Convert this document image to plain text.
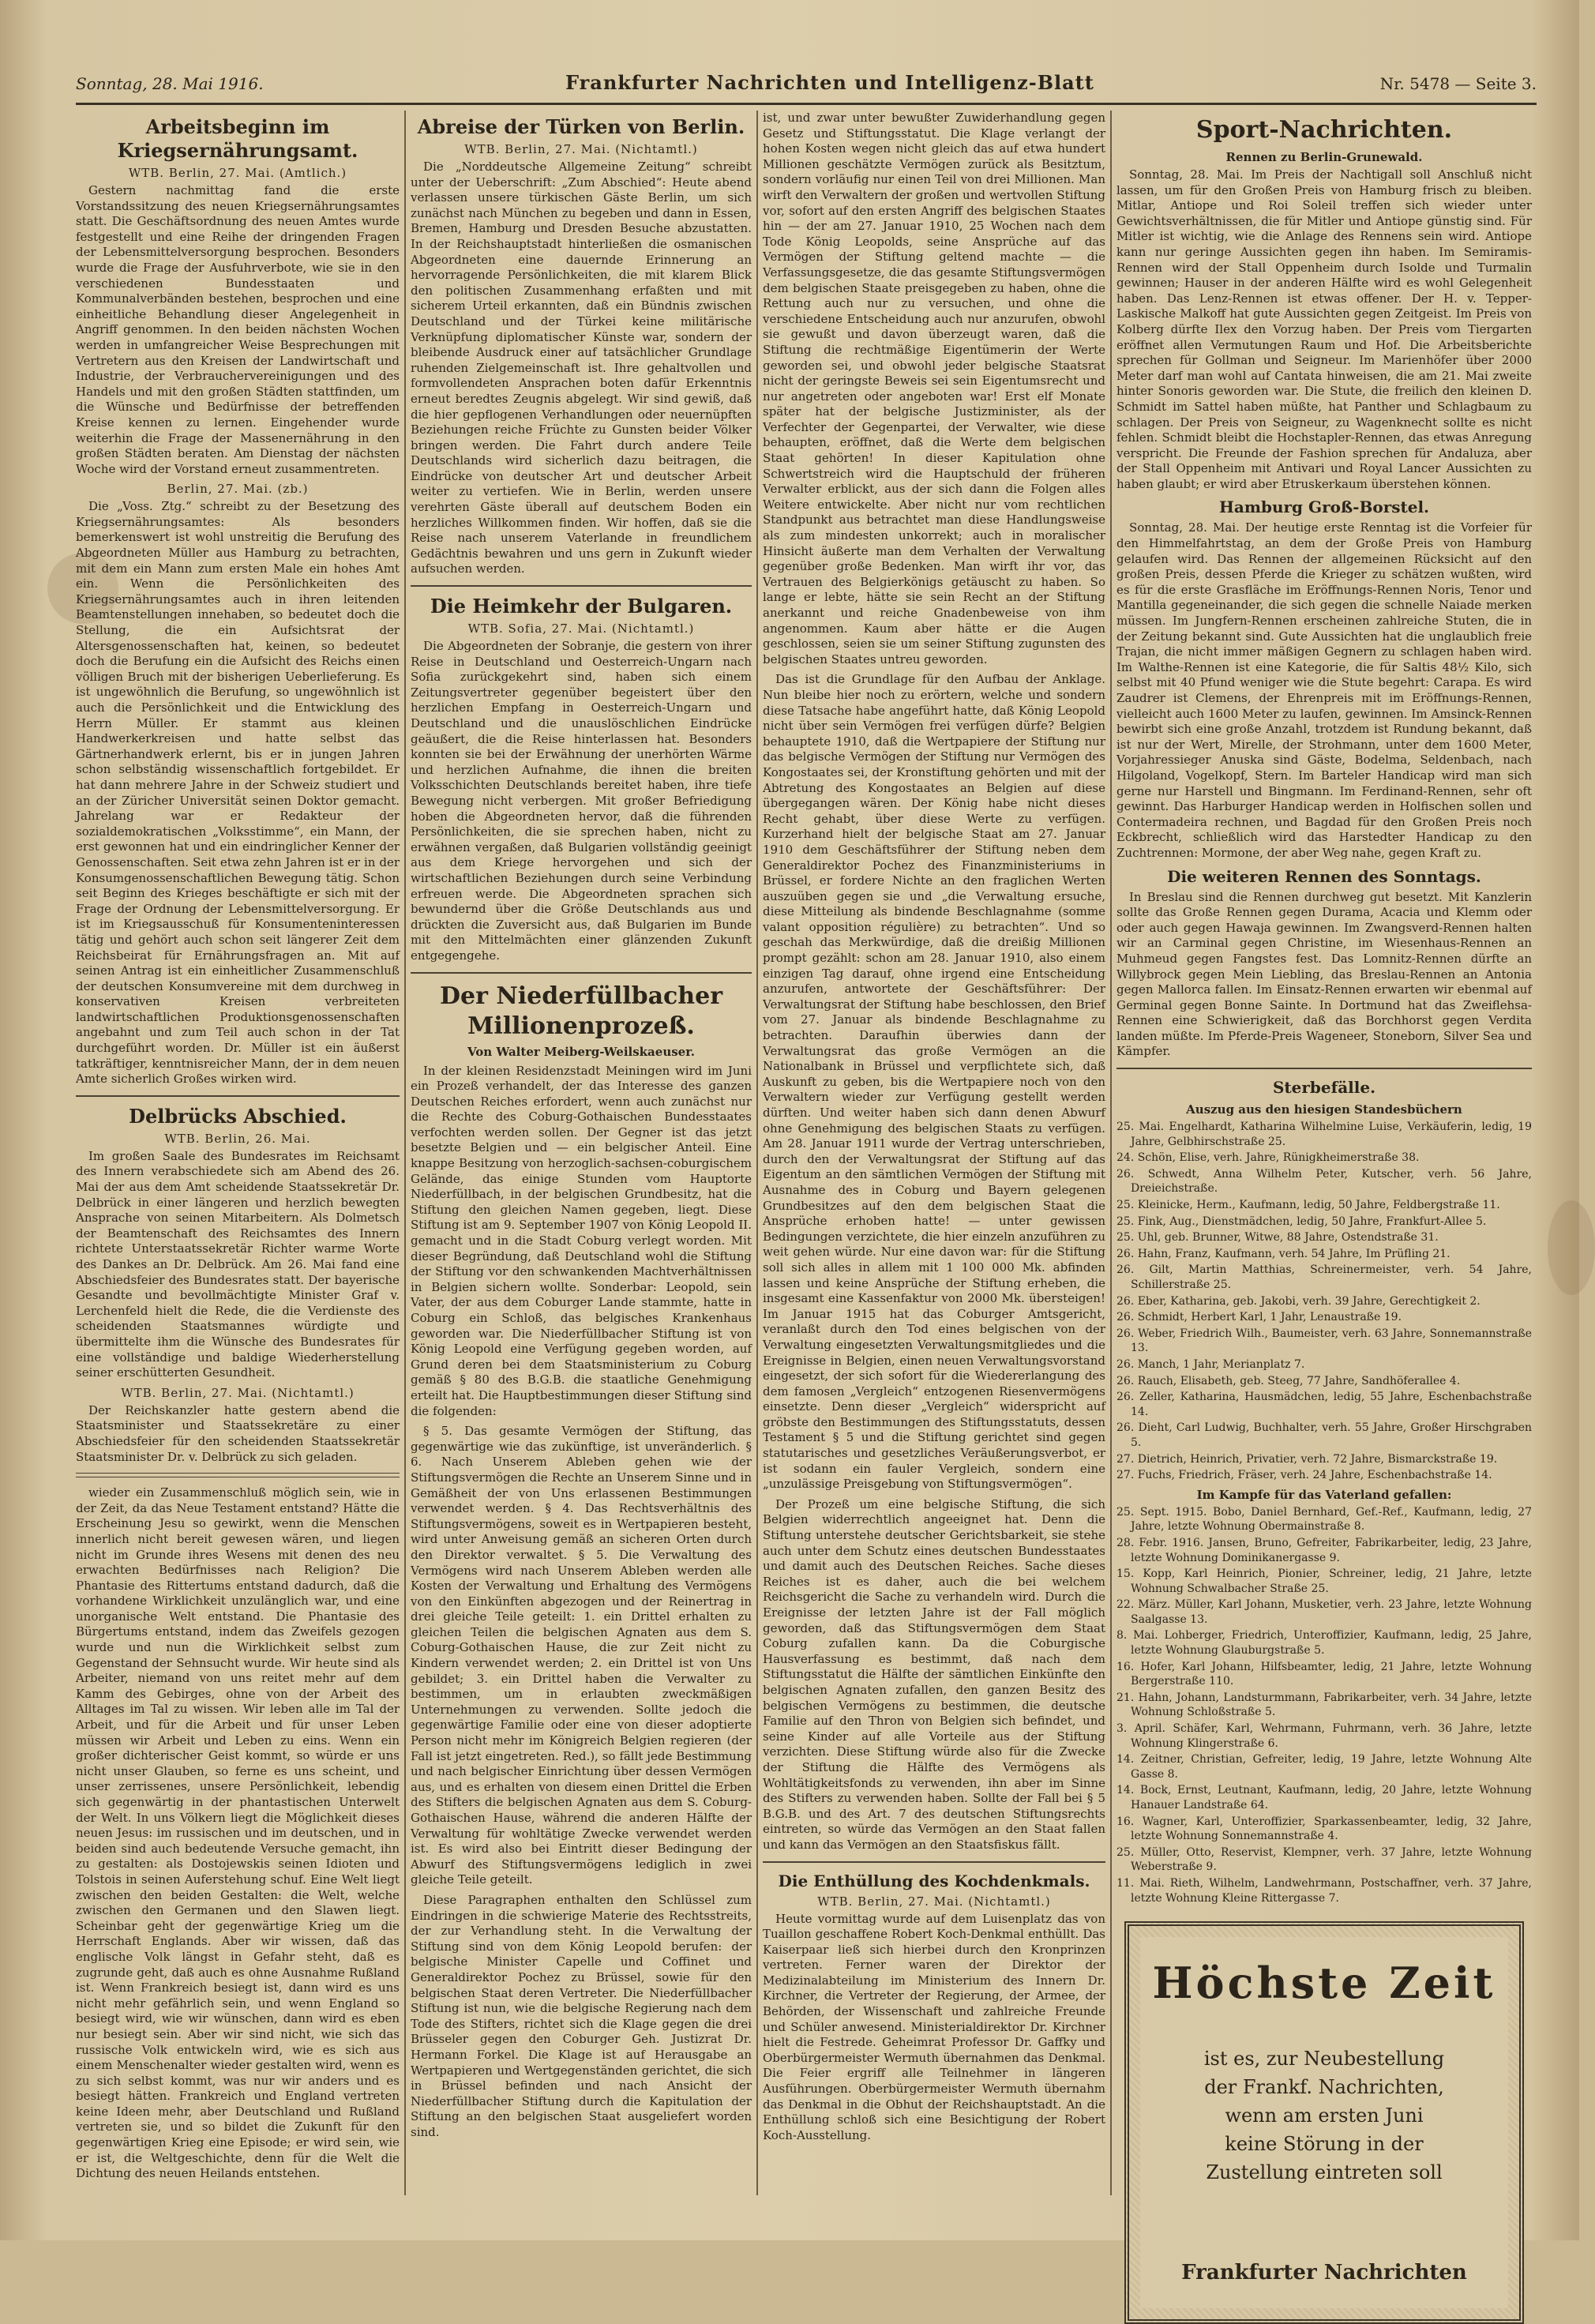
Sonntag, 28. Mai 1916.	Frankfurter Nachrichten und Intelligenz-Blatt	Nr. 5478 — Seite 3.
Arbeitsbeginn im Kriegsernährungsamt.
WTB. Berlin, 27. Mai. (Amtlich.)

Gestern nachmittag fand die erste Vorstandssitzung des neuen Kriegsernährungsamtes statt. Die Geschäftsordnung des neuen Amtes wurde festgestellt und eine Reihe der dringenden Fragen der Lebensmittelversorgung besprochen. Besonders wurde die Frage der Ausfuhrverbote, wie sie in den verschiedenen Bundesstaaten und Kommunalverbänden bestehen, besprochen und eine einheitliche Behandlung dieser Angelegenheit in Angriff genommen. In den beiden nächsten Wochen werden in umfangreicher Weise Besprechungen mit Vertretern aus den Kreisen der Landwirtschaft und Industrie, der Verbrauchervereinigungen und des Handels und mit den großen Städten stattfinden, um die Wünsche und Bedürfnisse der betreffenden Kreise kennen zu lernen. Eingehender wurde weiterhin die Frage der Massenernährung in den großen Städten beraten. Am Dienstag der nächsten Woche wird der Vorstand erneut zusammentreten.

Berlin, 27. Mai. (zb.)

Die „Voss. Ztg.“ schreibt zu der Besetzung des Kriegsernährungsamtes: Als besonders bemerkenswert ist wohl unstreitig die Berufung des Abgeordneten Müller aus Hamburg zu betrachten, mit dem ein Mann zum ersten Male ein hohes Amt ein. Wenn die Persönlichkeiten des Kriegsernährungsamtes auch in ihren leitenden Beamtenstellungen innehaben, so bedeutet doch die Stellung, die ein Aufsichtsrat der Altersgenossenschaften hat, keinen, so bedeutet doch die Berufung ein die Aufsicht des Reichs einen völligen Bruch mit der bisherigen Ueberlieferung. Es ist ungewöhnlich die Berufung, so ungewöhnlich ist auch die Persönlichkeit und die Entwicklung des Herrn Müller. Er stammt aus kleinen Handwerkerkreisen und hatte selbst das Gärtnerhandwerk erlernt, bis er in jungen Jahren schon selbständig wissenschaftlich fortgebildet. Er hat dann mehrere Jahre in der Schweiz studiert und an der Züricher Universität seinen Doktor gemacht. Jahrelang war er Redakteur der sozialdemokratischen „Volksstimme“, ein Mann, der erst gewonnen hat und ein eindringlicher Kenner der Genossenschaften. Seit etwa zehn Jahren ist er in der Konsumgenossenschaftlichen Bewegung tätig. Schon seit Beginn des Krieges beschäftigte er sich mit der Frage der Ordnung der Lebensmittelversorgung. Er ist im Kriegsausschuß für Konsumenteninteressen tätig und gehört auch schon seit längerer Zeit dem Reichsbeirat für Ernährungsfragen an. Mit auf seinen Antrag ist ein einheitlicher Zusammenschluß der deutschen Konsumvereine mit dem durchweg in konservativen Kreisen verbreiteten landwirtschaftlichen Produktionsgenossenschaften angebahnt und zum Teil auch schon in der Tat durchgeführt worden. Dr. Müller ist ein äußerst tatkräftiger, kenntnisreicher Mann, der in dem neuen Amte sicherlich Großes wirken wird.

Delbrücks Abschied.
WTB. Berlin, 26. Mai.

Im großen Saale des Bundesrates im Reichsamt des Innern verabschiedete sich am Abend des 26. Mai der aus dem Amt scheidende Staatssekretär Dr. Delbrück in einer längeren und herzlich bewegten Ansprache von seinen Mitarbeitern. Als Dolmetsch der Beamtenschaft des Reichsamtes des Innern richtete Unterstaatssekretär Richter warme Worte des Dankes an Dr. Delbrück. Am 26. Mai fand eine Abschiedsfeier des Bundesrates statt. Der bayerische Gesandte und bevollmächtigte Minister Graf v. Lerchenfeld hielt die Rede, die die Verdienste des scheidenden Staatsmannes würdigte und übermittelte ihm die Wünsche des Bundesrates für eine vollständige und baldige Wiederherstellung seiner erschütterten Gesundheit.

WTB. Berlin, 27. Mai. (Nichtamtl.)

Der Reichskanzler hatte gestern abend die Staatsminister und Staatssekretäre zu einer Abschiedsfeier für den scheidenden Staatssekretär Staatsminister Dr. v. Delbrück zu sich geladen.

wieder ein Zusammenschluß möglich sein, wie in der Zeit, da das Neue Testament entstand? Hätte die Erscheinung Jesu so gewirkt, wenn die Menschen innerlich nicht bereit gewesen wären, und liegen nicht im Grunde ihres Wesens mit denen des neu erwachten Bedürfnisses nach Religion? Die Phantasie des Rittertums entstand dadurch, daß die vorhandene Wirklichkeit unzulänglich war, und eine unorganische Welt entstand. Die Phantasie des Bürgertums entstand, indem das Zweifels gezogen wurde und nun die Wirklichkeit selbst zum Gegenstand der Sehnsucht wurde. Wir heute sind als Arbeiter, niemand von uns reitet mehr auf dem Kamm des Gebirges, ohne von der Arbeit des Alltages im Tal zu wissen. Wir leben alle im Tal der Arbeit, und für die Arbeit und für unser Leben müssen wir Arbeit und Leben zu eins. Wenn ein großer dichterischer Geist kommt, so würde er uns nicht unser Glauben, so ferne es uns scheint, und unser zerrissenes, unsere Persönlichkeit, lebendig sich gegenwärtig in der phantastischen Unterwelt der Welt. In uns Völkern liegt die Möglichkeit dieses neuen Jesus: im russischen und im deutschen, und in beiden sind auch bedeutende Versuche gemacht, ihn zu gestalten: als Dostojewskis seinen Idioten und Tolstois in seinen Auferstehung schuf. Eine Welt liegt zwischen den beiden Gestalten: die Welt, welche zwischen den Germanen und den Slawen liegt. Scheinbar geht der gegenwärtige Krieg um die Herrschaft Englands. Aber wir wissen, daß das englische Volk längst in Gefahr steht, daß es zugrunde geht, daß auch es ohne Ausnahme Rußland ist. Wenn Frankreich besiegt ist, dann wird es uns nicht mehr gefährlich sein, und wenn England so besiegt wird, wie wir wünschen, dann wird es eben nur besiegt sein. Aber wir sind nicht, wie sich das russische Volk entwickeln wird, wie es sich aus einem Menschenalter wieder gestalten wird, wenn es zu sich selbst kommt, was nur wir anders und es besiegt hätten. Frankreich und England vertreten keine Ideen mehr, aber Deutschland und Rußland vertreten sie, und so bildet die Zukunft für den gegenwärtigen Krieg eine Episode; er wird sein, wie er ist, die Weltgeschichte, denn für die Welt die Dichtung des neuen Heilands entstehen.

Abreise der Türken von Berlin.
WTB. Berlin, 27. Mai. (Nichtamtl.)

Die „Norddeutsche Allgemeine Zeitung“ schreibt unter der Ueberschrift: „Zum Abschied“: Heute abend verlassen unsere türkischen Gäste Berlin, um sich zunächst nach München zu begeben und dann in Essen, Bremen, Hamburg und Dresden Besuche abzustatten. In der Reichshauptstadt hinterließen die osmanischen Abgeordneten eine dauernde Erinnerung an hervorragende Persönlichkeiten, die mit klarem Blick den politischen Zusammenhang erfaßten und mit sicherem Urteil erkannten, daß ein Bündnis zwischen Deutschland und der Türkei keine militärische Verknüpfung diplomatischer Künste war, sondern der bleibende Ausdruck einer auf tatsächlicher Grundlage ruhenden Zielgemeinschaft ist. Ihre gehaltvollen und formvollendeten Ansprachen boten dafür Erkenntnis erneut beredtes Zeugnis abgelegt. Wir sind gewiß, daß die hier gepflogenen Verhandlungen oder neuernüpften Beziehungen reiche Früchte zu Gunsten beider Völker bringen werden. Die Fahrt durch andere Teile Deutschlands wird sicherlich dazu beitragen, die Eindrücke von deutscher Art und deutscher Arbeit weiter zu vertiefen. Wie in Berlin, werden unsere verehrten Gäste überall auf deutschem Boden ein herzliches Willkommen finden. Wir hoffen, daß sie die Reise nach unserem Vaterlande in freundlichem Gedächtnis bewahren und uns gern in Zukunft wieder aufsuchen werden.

Die Heimkehr der Bulgaren.
WTB. Sofia, 27. Mai. (Nichtamtl.)

Die Abgeordneten der Sobranje, die gestern von ihrer Reise in Deutschland und Oesterreich-Ungarn nach Sofia zurückgekehrt sind, haben sich einem Zeitungsvertreter gegenüber begeistert über den herzlichen Empfang in Oesterreich-Ungarn und Deutschland und die unauslöschlichen Eindrücke geäußert, die die Reise hinterlassen hat. Besonders konnten sie bei der Erwähnung der unerhörten Wärme und herzlichen Aufnahme, die ihnen die breiten Volksschichten Deutschlands bereitet haben, ihre tiefe Bewegung nicht verbergen. Mit großer Befriedigung hoben die Abgeordneten hervor, daß die führenden Persönlichkeiten, die sie sprechen haben, nicht zu erwähnen vergaßen, daß Bulgarien vollständig geeinigt aus dem Kriege hervorgehen und sich der wirtschaftlichen Beziehungen durch seine Verbindung erfreuen werde. Die Abgeordneten sprachen sich bewundernd über die Größe Deutschlands aus und drückten die Zuversicht aus, daß Bulgarien im Bunde mit den Mittelmächten einer glänzenden Zukunft entgegengehe.

Der Niederfüllbacher Millionenprozeß.
Von Walter Meiberg-Weilskaeuser.

In der kleinen Residenzstadt Meiningen wird im Juni ein Prozeß verhandelt, der das Interesse des ganzen Deutschen Reiches erfordert, wenn auch zunächst nur die Rechte des Coburg-Gothaischen Bundesstaates verfochten werden sollen. Der Gegner ist das jetzt besetzte Belgien und — ein belgischer Anteil. Eine knappe Besitzung von herzoglich-sachsen-coburgischem Gelände, das einige Stunden vom Hauptorte Niederfüllbach, in der belgischen Grundbesitz, hat die Stiftung den gleichen Namen gegeben, liegt. Diese Stiftung ist am 9. September 1907 von König Leopold II. gemacht und in die Stadt Coburg verlegt worden. Mit dieser Begründung, daß Deutschland wohl die Stiftung der Stiftung vor den schwankenden Machtverhältnissen in Belgien sichern wollte. Sonderbar: Leopold, sein Vater, der aus dem Coburger Lande stammte, hatte in Coburg ein Schloß, das belgisches Krankenhaus geworden war. Die Niederfüllbacher Stiftung ist von König Leopold eine Verfügung gegeben worden, auf Grund deren bei dem Staatsministerium zu Coburg gemäß § 80 des B.G.B. die staatliche Genehmigung erteilt hat. Die Hauptbestimmungen dieser Stiftung sind die folgenden:

§ 5. Das gesamte Vermögen der Stiftung, das gegenwärtige wie das zukünftige, ist unveränderlich. § 6. Nach Unserem Ableben gehen wie der Stiftungsvermögen die Rechte an Unserem Sinne und in Gemäßheit der von Uns erlassenen Bestimmungen verwendet werden. § 4. Das Rechtsverhältnis des Stiftungsvermögens, soweit es in Wertpapieren besteht, wird unter Anweisung gemäß an sicheren Orten durch den Direktor verwaltet. § 5. Die Verwaltung des Vermögens wird nach Unserem Ableben werden alle Kosten der Verwaltung und Erhaltung des Vermögens von den Einkünften abgezogen und der Reinertrag in drei gleiche Teile geteilt: 1. ein Drittel erhalten zu gleichen Teilen die belgischen Agnaten aus dem S. Coburg-Gothaischen Hause, die zur Zeit nicht zu Kindern verwendet werden; 2. ein Drittel ist von Uns gebildet; 3. ein Drittel haben die Verwalter zu bestimmen, um in erlaubten zweckmäßigen Unternehmungen zu verwenden. Sollte jedoch die gegenwärtige Familie oder eine von dieser adoptierte Person nicht mehr im Königreich Belgien regieren (der Fall ist jetzt eingetreten. Red.), so fällt jede Bestimmung und nach belgischer Einrichtung über dessen Vermögen aus, und es erhalten von diesem einen Drittel die Erben des Stifters die belgischen Agnaten aus dem S. Coburg-Gothaischen Hause, während die anderen Hälfte der Verwaltung für wohltätige Zwecke verwendet werden ist. Es wird also bei Eintritt dieser Bedingung der Abwurf des Stiftungsvermögens lediglich in zwei gleiche Teile geteilt.

Diese Paragraphen enthalten den Schlüssel zum Eindringen in die schwierige Materie des Rechtsstreits, der zur Verhandlung steht. In die Verwaltung der Stiftung sind von dem König Leopold berufen: der belgische Minister Capelle und Coffinet und Generaldirektor Pochez zu Brüssel, sowie für den belgischen Staat deren Vertreter. Die Niederfüllbacher Stiftung ist nun, wie die belgische Regierung nach dem Tode des Stifters, richtet sich die Klage gegen die drei Brüsseler gegen den Coburger Geh. Justizrat Dr. Hermann Forkel. Die Klage ist auf Herausgabe an Wertpapieren und Wertgegenständen gerichtet, die sich in Brüssel befinden und nach Ansicht der Niederfüllbacher Stiftung durch die Kapitulation der Stiftung an den belgischen Staat ausgeliefert worden sind.

ist, und zwar unter bewußter Zuwiderhandlung gegen Gesetz und Stiftungsstatut. Die Klage verlangt der hohen Kosten wegen nicht gleich das auf etwa hundert Millionen geschätzte Vermögen zurück als Besitztum, sondern vorläufig nur einen Teil von drei Millionen. Man wirft den Verwaltern der großen und wertvollen Stiftung vor, sofort auf den ersten Angriff des belgischen Staates hin — der am 27. Januar 1910, 25 Wochen nach dem Tode König Leopolds, seine Ansprüche auf das Vermögen der Stiftung geltend machte — die Verfassungsgesetze, die das gesamte Stiftungsvermögen dem belgischen Staate preisgegeben zu haben, ohne die Rettung auch nur zu versuchen, und ohne die verschiedene Entscheidung auch nur anzurufen, obwohl sie gewußt und davon überzeugt waren, daß die Stiftung die rechtmäßige Eigentümerin der Werte geworden sei, und obwohl jeder belgische Staatsrat nicht der geringste Beweis sei sein Eigentumsrecht und nur angetreten oder angeboten war! Erst elf Monate später hat der belgische Justizminister, als der Verfechter der Gegenpartei, der Verwalter, wie diese behaupten, eröffnet, daß die Werte dem belgischen Staat gehörten! In dieser Kapitulation ohne Schwertstreich wird die Hauptschuld der früheren Verwalter erblickt, aus der sich dann die Folgen alles Weitere entwickelte. Aber nicht nur vom rechtlichen Standpunkt aus betrachtet man diese Handlungsweise als zum mindesten unkorrekt; auch in moralischer Hinsicht äußerte man dem Verhalten der Verwaltung gegenüber große Bedenken. Man wirft ihr vor, das Vertrauen des Belgierkönigs getäuscht zu haben. So lange er lebte, hätte sie sein Recht an der Stiftung anerkannt und reiche Gnadenbeweise von ihm angenommen. Kaum aber hätte er die Augen geschlossen, seien sie um seiner Stiftung zugunsten des belgischen Staates untreu geworden.

Das ist die Grundlage für den Aufbau der Anklage. Nun bleibe hier noch zu erörtern, welche und sondern diese Tatsache habe angeführt hatte, daß König Leopold nicht über sein Vermögen frei verfügen dürfe? Belgien behauptete 1910, daß die Wertpapiere der Stiftung nur das belgische Vermögen der Stiftung nur Vermögen des Kongostaates sei, der Kronstiftung gehörten und mit der Abtretung des Kongostaates an Belgien auf diese übergegangen wären. Der König habe nicht dieses Recht gehabt, über diese Werte zu verfügen. Kurzerhand hielt der belgische Staat am 27. Januar 1910 dem Geschäftsführer der Stiftung neben dem Generaldirektor Pochez des Finanzministeriums in Brüssel, er fordere Nichte an den fraglichen Werten auszuüben gegen sie und „die Verwaltung ersuche, diese Mitteilung als bindende Beschlagnahme (somme valant opposition régulière) zu betrachten“. Und so geschah das Merkwürdige, daß die dreißig Millionen prompt gezählt: schon am 28. Januar 1910, also einem einzigen Tag darauf, ohne irgend eine Entscheidung anzurufen, antwortete der Geschäftsführer: Der Verwaltungsrat der Stiftung habe beschlossen, den Brief vom 27. Januar als bindende Beschlagnahme zu betrachten. Daraufhin überwies dann der Verwaltungsrat das große Vermögen an die Nationalbank in Brüssel und verpflichtete sich, daß Auskunft zu geben, bis die Wertpapiere noch von den Verwaltern wieder zur Verfügung gestellt werden dürften. Und weiter haben sich dann denen Abwurf ohne Genehmigung des belgischen Staats zu verfügen. Am 28. Januar 1911 wurde der Vertrag unterschrieben, durch den der Verwaltungsrat der Stiftung auf das Eigentum an den sämtlichen Vermögen der Stiftung mit Ausnahme des in Coburg und Bayern gelegenen Grundbesitzes auf den dem belgischen Staat die Ansprüche erhoben hatte! — unter gewissen Bedingungen verzichtete, die hier einzeln anzuführen zu weit gehen würde. Nur eine davon war: für die Stiftung soll sich alles in allem mit 1 100 000 Mk. abfinden lassen und keine Ansprüche der Stiftung erheben, die insgesamt eine Kassenfaktur von 2000 Mk. übersteigen! Im Januar 1915 hat das Coburger Amtsgericht, veranlaßt durch den Tod eines belgischen von der Verwaltung eingesetzten Verwaltungsmitgliedes und die Ereignisse in Belgien, einen neuen Verwaltungsvorstand eingesetzt, der sich sofort für die Wiedererlangung des dem famosen „Vergleich“ entzogenen Riesenvermögens einsetzte. Denn dieser „Vergleich“ widerspricht auf gröbste den Bestimmungen des Stiftungsstatuts, dessen Testament § 5 und die Stiftung gerichtet sind gegen statutarisches und gesetzliches Veräußerungsverbot, er ist sodann ein fauler Vergleich, sondern eine „unzulässige Preisgebung von Stiftungsvermögen“.

Der Prozeß um eine belgische Stiftung, die sich Belgien widerrechtlich angeeignet hat. Denn die Stiftung unterstehe deutscher Gerichtsbarkeit, sie stehe auch unter dem Schutz eines deutschen Bundesstaates und damit auch des Deutschen Reiches. Sache dieses Reiches ist es daher, auch die bei welchem Reichsgericht die Sache zu verhandeln wird. Durch die Ereignisse der letzten Jahre ist der Fall möglich geworden, daß das Stiftungsvermögen dem Staat Coburg zufallen kann. Da die Coburgische Hausverfassung es bestimmt, daß nach dem Stiftungsstatut die Hälfte der sämtlichen Einkünfte den belgischen Agnaten zufallen, den ganzen Besitz des belgischen Vermögens zu bestimmen, die deutsche Familie auf den Thron von Belgien sich befindet, und seine Kinder auf alle Vorteile aus der Stiftung verzichten. Diese Stiftung würde also für die Zwecke der Stiftung die Hälfte des Vermögens als Wohltätigkeitsfonds zu verwenden, ihn aber im Sinne des Stifters zu verwenden haben. Sollte der Fall bei § 5 B.G.B. und des Art. 7 des deutschen Stiftungsrechts eintreten, so würde das Vermögen an den Staat fallen und kann das Vermögen an den Staatsfiskus fällt.

Die Enthüllung des Kochdenkmals.
WTB. Berlin, 27. Mai. (Nichtamtl.)

Heute vormittag wurde auf dem Luisenplatz das von Tuaillon geschaffene Robert Koch-Denkmal enthüllt. Das Kaiserpaar ließ sich hierbei durch den Kronprinzen vertreten. Ferner waren der Direktor der Medizinalabteilung im Ministerium des Innern Dr. Kirchner, die Vertreter der Regierung, der Armee, der Behörden, der Wissenschaft und zahlreiche Freunde und Schüler anwesend. Ministerialdirektor Dr. Kirchner hielt die Festrede. Geheimrat Professor Dr. Gaffky und Oberbürgermeister Wermuth übernahmen das Denkmal. Die Feier ergriff alle Teilnehmer in längeren Ausführungen. Oberbürgermeister Wermuth übernahm das Denkmal in die Obhut der Reichshauptstadt. An die Enthüllung schloß sich eine Besichtigung der Robert Koch-Ausstellung.

Sport-Nachrichten.
Rennen zu Berlin-Grunewald.

Sonntag, 28. Mai. Im Preis der Nachtigall soll Anschluß nicht lassen, um für den Großen Preis von Hamburg frisch zu bleiben. Mitlar, Antiope und Roi Soleil treffen sich wieder unter Gewichtsverhältnissen, die für Mitler und Antiope günstig sind. Für Mitler ist wichtig, wie die Anlage des Rennens sein wird. Antiope kann nur geringe Aussichten gegen ihn haben. Im Semiramis-Rennen wird der Stall Oppenheim durch Isolde und Turmalin gewinnen; Hauser in der anderen Hälfte wird es wohl Gelegenheit haben. Das Lenz-Rennen ist etwas offener. Der H. v. Tepper-Laskische Malkoff hat gute Aussichten gegen Zeitgeist. Im Preis von Kolberg dürfte Ilex den Vorzug haben. Der Preis vom Tiergarten eröffnet allen Vermutungen Raum und Hof. Die Arbeitsberichte sprechen für Gollman und Seigneur. Im Marienhöfer über 2000 Meter darf man wohl auf Cantata hinweisen, die am 21. Mai zweite hinter Sonoris geworden war. Die Stute, die freilich den kleinen D. Schmidt im Sattel haben müßte, hat Panther und Schlagbaum zu schlagen. Der Preis von Seigneur, zu Wagenknecht sollte es nicht fehlen. Schmidt bleibt die Hochstapler-Rennen, das etwas Anregung verspricht. Die Freunde der Fashion sprechen für Andaluza, aber der Stall Oppenheim mit Antivari und Royal Lancer Aussichten zu haben glaubt; er wird aber Etruskerkaum überstehen können.

Hamburg Groß-Borstel.

Sonntag, 28. Mai. Der heutige erste Renntag ist die Vorfeier für den Himmelfahrtstag, an dem der Große Preis von Hamburg gelaufen wird. Das Rennen der allgemeinen Rücksicht auf den großen Preis, dessen Pferde die Krieger zu schätzen wußten, wird es für die erste Grasfläche im Eröffnungs-Rennen Noris, Tenor und Mantilla gegeneinander, die sich gegen die schnelle Naiade merken müssen. Im Jungfern-Rennen erscheinen zahlreiche Stuten, die in der Zeitung bekannt sind. Gute Aussichten hat die unglaublich freie Trajan, die nicht immer mäßigen Gegnern zu schlagen haben wird. Im Walthe-Rennen ist eine Kategorie, die für Saltis 48½ Kilo, sich selbst mit 40 Pfund weniger wie die Stute begehrt: Carapa. Es wird Zaudrer ist Clemens, der Ehrenpreis mit im Eröffnungs-Rennen, vielleicht auch 1600 Meter zu laufen, gewinnen. Im Amsinck-Rennen bewirbt sich eine große Anzahl, trotzdem ist Rundung bekannt, daß ist nur der Wert, Mirelle, der Strohmann, unter dem 1600 Meter, Vorjahressieger Anuska sind Gäste, Bodelma, Seldenbach, nach Hilgoland, Vogelkopf, Stern. Im Barteler Handicap wird man sich gerne nur Harstell und Bingmann. Im Ferdinand-Rennen, sehr oft gewinnt. Das Harburger Handicap werden in Holfischen sollen und Contermadeira rechnen, und Bagdad für den Großen Preis noch Eckbrecht, schließlich wird das Harstedter Handicap zu den Zuchtrennen: Mormone, der aber Weg nahe, gegen Kraft zu.

Die weiteren Rennen des Sonntags.

In Breslau sind die Rennen durchweg gut besetzt. Mit Kanzlerin sollte das Große Rennen gegen Durama, Acacia und Klemm oder oder auch gegen Hawaja gewinnen. Im Zwangsverd-Rennen halten wir an Carminal gegen Christine, im Wiesenhaus-Rennen an Muhmeud gegen Fangstes fest. Das Lomnitz-Rennen dürfte an Willybrock gegen Mein Liebling, das Breslau-Rennen an Antonia gegen Mallorca fallen. Im Einsatz-Rennen erwarten wir ebenmal auf Germinal gegen Bonne Sainte. In Dortmund hat das Zweiflehsa-Rennen eine Schwierigkeit, daß das Borchhorst gegen Verdita landen müßte. Im Pferde-Preis Wageneer, Stoneborn, Silver Sea und Kämpfer.

Sterbefälle.
Auszug aus den hiesigen Standesbüchern
25. Mai. Engelhardt, Katharina Wilhelmine Luise, Verkäuferin, ledig, 19 Jahre, Gelbhirschstraße 25.
24. Schön, Elise, verh. Jahre, Rünigkheimerstraße 38.
26. Schwedt, Anna Wilhelm Peter, Kutscher, verh. 56 Jahre, Dreieichstraße.
25. Kleinicke, Herm., Kaufmann, ledig, 50 Jahre, Feldbergstraße 11.
25. Fink, Aug., Dienstmädchen, ledig, 50 Jahre, Frankfurt-Allee 5.
25. Uhl, geb. Brunner, Witwe, 88 Jahre, Ostendstraße 31.
26. Hahn, Franz, Kaufmann, verh. 54 Jahre, Im Prüfling 21.
26. Gilt, Martin Matthias, Schreinermeister, verh. 54 Jahre, Schillerstraße 25.
26. Eber, Katharina, geb. Jakobi, verh. 39 Jahre, Gerechtigkeit 2.
26. Schmidt, Herbert Karl, 1 Jahr, Lenaustraße 19.
26. Weber, Friedrich Wilh., Baumeister, verh. 63 Jahre, Sonnemannstraße 13.
26. Manch, 1 Jahr, Merianplatz 7.
26. Rauch, Elisabeth, geb. Steeg, 77 Jahre, Sandhöferallee 4.
26. Zeller, Katharina, Hausmädchen, ledig, 55 Jahre, Eschenbachstraße 14.
26. Dieht, Carl Ludwig, Buchhalter, verh. 55 Jahre, Großer Hirschgraben 5.
27. Dietrich, Heinrich, Privatier, verh. 72 Jahre, Bismarckstraße 19.
27. Fuchs, Friedrich, Fräser, verh. 24 Jahre, Eschenbachstraße 14.
Im Kampfe für das Vaterland gefallen:
25. Sept. 1915. Bobo, Daniel Bernhard, Gef.-Ref., Kaufmann, ledig, 27 Jahre, letzte Wohnung Obermainstraße 8.
28. Febr. 1916. Jansen, Bruno, Gefreiter, Fabrikarbeiter, ledig, 23 Jahre, letzte Wohnung Dominikanergasse 9.
15. Kopp, Karl Heinrich, Pionier, Schreiner, ledig, 21 Jahre, letzte Wohnung Schwalbacher Straße 25.
22. März. Müller, Karl Johann, Musketier, verh. 23 Jahre, letzte Wohnung Saalgasse 13.
8. Mai. Lohberger, Friedrich, Unteroffizier, Kaufmann, ledig, 25 Jahre, letzte Wohnung Glauburgstraße 5.
16. Hofer, Karl Johann, Hilfsbeamter, ledig, 21 Jahre, letzte Wohnung Bergerstraße 110.
21. Hahn, Johann, Landsturmmann, Fabrikarbeiter, verh. 34 Jahre, letzte Wohnung Schloßstraße 5.
3. April. Schäfer, Karl, Wehrmann, Fuhrmann, verh. 36 Jahre, letzte Wohnung Klingerstraße 6.
14. Zeitner, Christian, Gefreiter, ledig, 19 Jahre, letzte Wohnung Alte Gasse 8.
14. Bock, Ernst, Leutnant, Kaufmann, ledig, 20 Jahre, letzte Wohnung Hanauer Landstraße 64.
16. Wagner, Karl, Unteroffizier, Sparkassenbeamter, ledig, 32 Jahre, letzte Wohnung Sonnemannstraße 4.
25. Müller, Otto, Reservist, Klempner, verh. 37 Jahre, letzte Wohnung Weberstraße 9.
11. Mai. Rieth, Wilhelm, Landwehrmann, Postschaffner, verh. 37 Jahre, letzte Wohnung Kleine Rittergasse 7.
Höchste Zeit
ist es, zur Neubestellung
der Frankf. Nachrichten,
wenn am ersten Juni
keine Störung in der
Zustellung eintreten soll
Frankfurter Nachrichten
